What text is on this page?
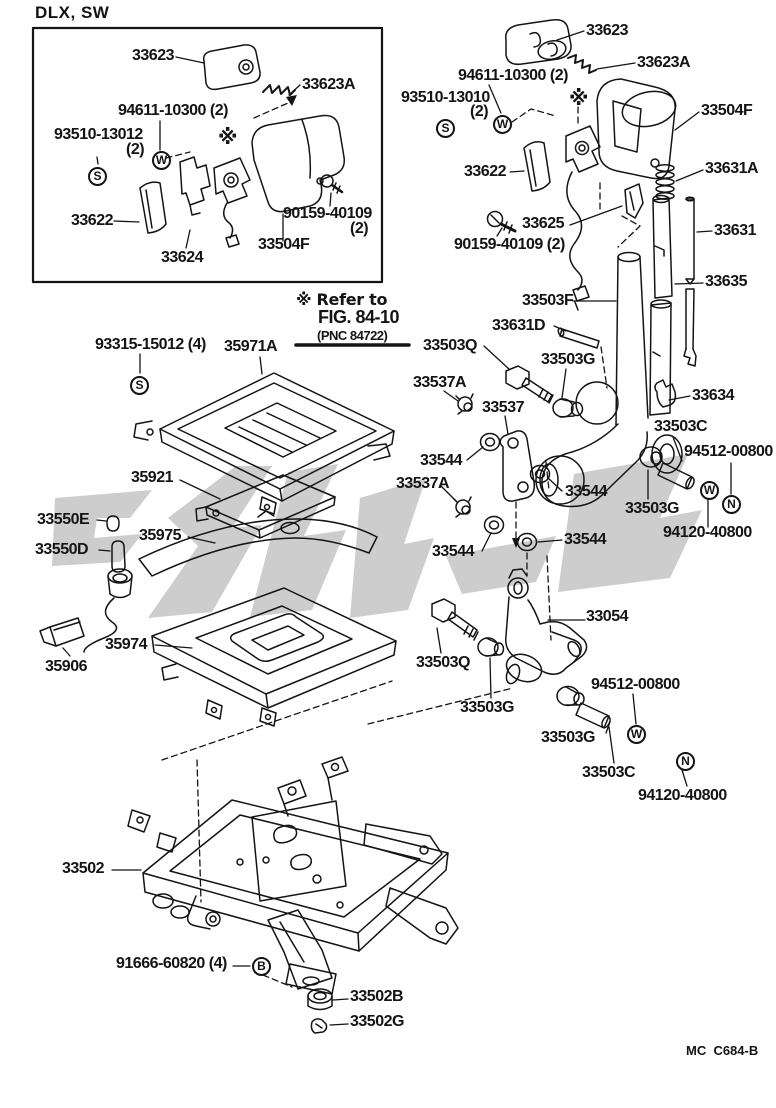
DLX, SW
MC  C684-B
※ Refer to
FIG. 84-10
(PNC 84722)
※
※
S
W
S	W
S
W
N
W
N
B
33623
33623A
94611-10300 (2)
93510-13012
(2)
33622
33624
33504F
90159-40109
(2)
33623
33623A
94611-10300 (2)
93510-13010
(2)	33504F
33622	33631A
33625
90159-40109 (2)
33631
33635
33503F
33631D
93315-15012 (4) 35971A	33503Q
33503G
33537A
33537
33634
33503C
33544
94512-00800
35921	33537A	33544
33503G
33550E
35975	94120-40800
33550D	33544
33544
33054
35974
33503Q
35906
94512-00800
33503G
33503G
33503C
94120-40800
33502
91666-60820 (4)
33502B
33502G
